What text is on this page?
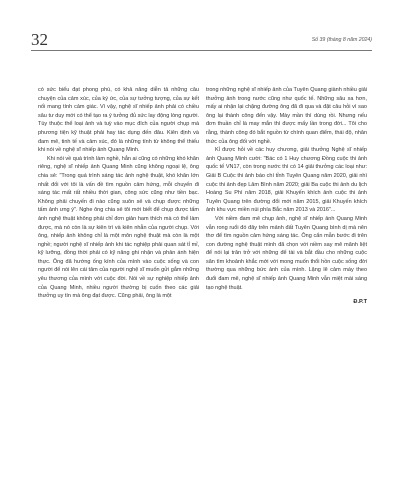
32	Số 39 (tháng 8 năm 2024)

có sức biểu đạt phong phú, có khả năng diễn tả những câu chuyện của cảm xúc, của ký ức, của sự tưởng tượng, của sự kết nối mang tính cảm giác. Vì vậy, nghệ sĩ nhiếp ảnh phải có chiều sâu tư duy mới có thể tạo ra ý tưởng đủ sức lay động lòng người. Tùy thuộc thể loại ảnh và tuỳ vào mục đích của người chụp mà phương tiện kỹ thuật phải hay tác dụng đến đâu. Kiên định và đam mê, tinh tế và cảm xúc, đó là những tính từ không thể thiếu khi nói về nghệ sĩ nhiếp ảnh Quang Minh.

Khi nói về quá trình làm nghề, hẳn ai cũng có những khó khăn riêng, nghệ sĩ nhiếp ảnh Quang Minh cũng không ngoại lệ, ông chia sẻ: "Trong quá trình sáng tác ảnh nghệ thuật, khó khăn lớn nhất đối với tôi là vấn đề tìm nguồn cảm hứng, mỗi chuyến đi sáng tác mất rất nhiều thời gian, công sức cũng như tiền bạc. Không phải chuyến đi nào cũng suôn sẻ và chụp được những tấm ảnh ưng ý". Nghe ông chia sẻ tôi mới biết để chụp được tấm ảnh nghệ thuật không phải chỉ đơn giản ham thích mà có thể làm được, mà nó còn là sự kiên trì và kiên nhẫn của người chụp. Với ông, nhiếp ảnh không chỉ là một môn nghệ thuật mà còn là một nghề; người nghệ sĩ nhiếp ảnh khi tác nghiệp phải quan sát tỉ mỉ, kỹ lưỡng, đồng thời phải có kỹ năng ghi nhận và phản ánh hiện thực. Ông đã hướng ống kính của mình vào cuộc sống và con người để nói lên cái tâm của người nghệ sĩ muốn gửi gắm những yêu thương của mình với cuộc đời. Nói về sự nghiệp nhiếp ảnh của Quang Minh, nhiều người thường bị cuốn theo các giải thưởng uy tín mà ông đạt được. Cũng phải, ông là một

trong những nghệ sĩ nhiếp ảnh của Tuyên Quang giành nhiều giải thưởng ảnh trong nước cũng như quốc tế. Những sâu xa hơn, mấy ai nhận lại chặng đường ông đã đi qua và đặt câu hỏi vì sao ông lại thành công đến vậy. Mày mần thì dùng rồi. Nhưng nếu đơn thuần chỉ là may mắn thì được mấy lần trong đời... Tôi cho rằng, thành công đó bắt nguồn từ chính quan điểm, thái độ, nhân thức của ông đối với nghề.

Kỉ được hỏi về các huy chương, giải thưởng Nghệ sĩ nhiếp ảnh Quang Minh cười: "Bác có 1 Huy chương Đồng cuộc thi ảnh quốc tế VN17, còn trong nước thì có 14 giải thưởng các loại như: Giải B Cuộc thi ảnh báo chí tỉnh Tuyên Quang năm 2020, giải nhì cuộc thi ảnh đẹp Lâm Bình năm 2020; giải Ba cuộc thi ảnh du lịch Hoàng Su Phì năm 2018, giải Khuyến khích ảnh cuộc thi ảnh Tuyên Quang trên đường đổi mới năm 2015, giải Khuyến khích ảnh khu vực miền núi phía Bắc năm 2013 và 2016"...

Với niềm đam mê chụp ảnh, nghệ sĩ nhiếp ảnh Quang Minh vẫn rong ruổi đó đây trên mảnh đất Tuyên Quang bình dị mà nên thơ để tìm nguồn cảm hứng sáng tác. Ông cẩn mẫn bước đi trên con đường nghệ thuật mình đã chọn với niềm say mê mãnh liệt để nói lại trăn trở với những để tài và bắt đầu cho những cuộc săn tìm khoảnh khắc mới với mong muốn thổi hồn cuộc sống đời thường qua những bức ảnh của mình. Lặng lẽ cảm máy theo đuổi đam mê, nghệ sĩ nhiếp ảnh Quang Minh vẫn miệt mài sáng tạo nghệ thuật.

Đ.P.T
